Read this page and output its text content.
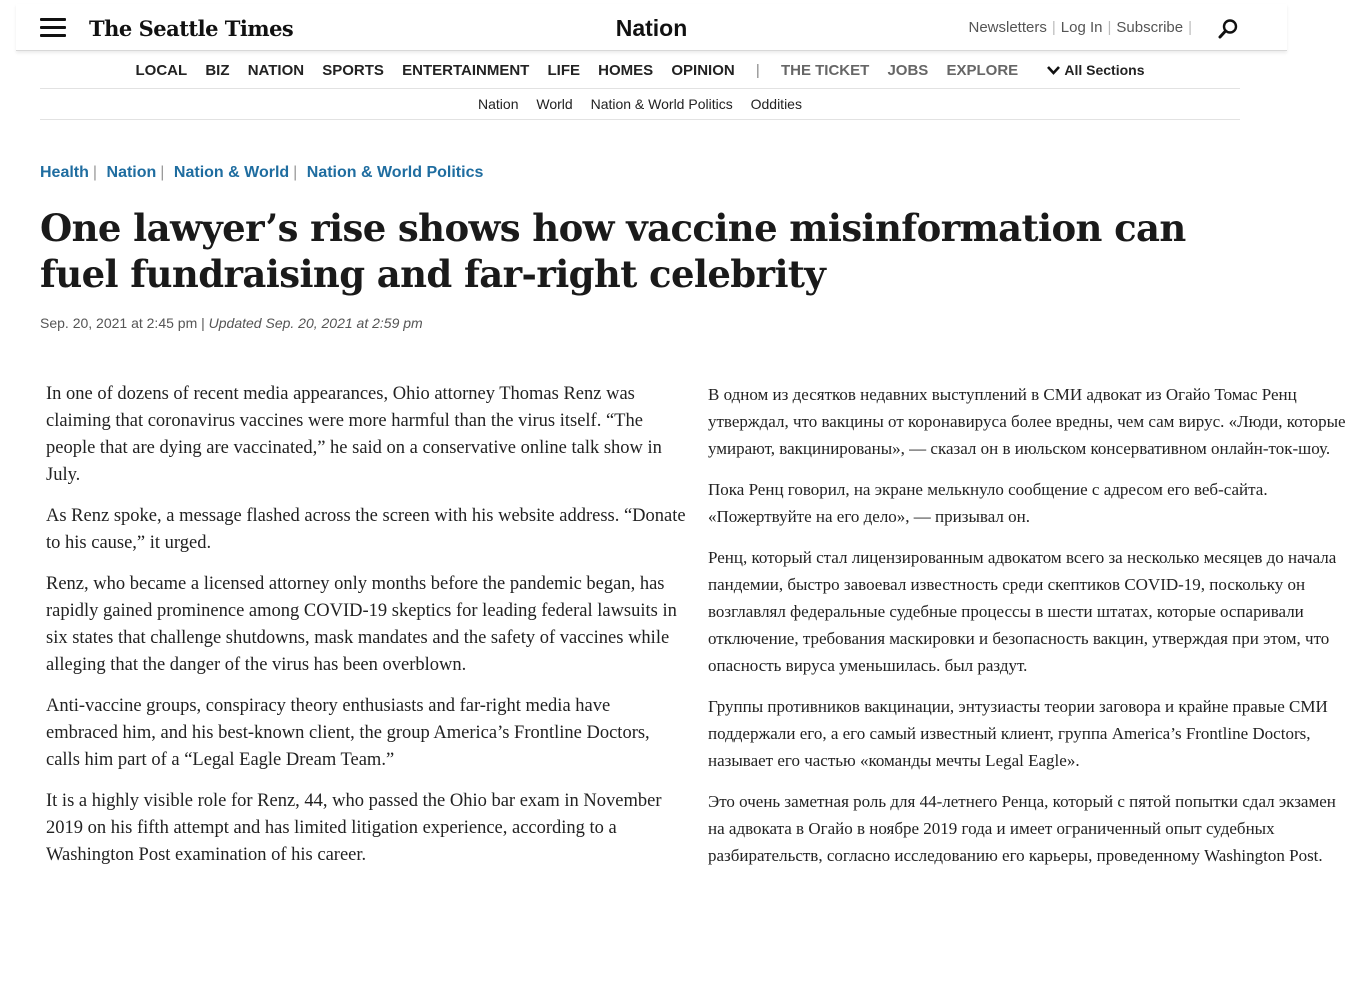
The Seattle Times	Nation	Newsletters | Log In | Subscribe |
LOCAL BIZ NATION SPORTS ENTERTAINMENT LIFE HOMES OPINION | THE TICKET JOBS EXPLORE	All Sections
Nation World Nation & World Politics Oddities
Health | Nation | Nation & World | Nation & World Politics
One lawyer’s rise shows how vaccine misinformation can fuel fundraising and far-right celebrity
Sep. 20, 2021 at 2:45 pm | Updated Sep. 20, 2021 at 2:59 pm

In one of dozens of recent media appearances, Ohio attorney Thomas Renz was claiming that coronavirus vaccines were more harmful than the virus itself. “The people that are dying are vaccinated,” he said on a conservative online talk show in July.

As Renz spoke, a message flashed across the screen with his website address. “Donate to his cause,” it urged.

Renz, who became a licensed attorney only months before the pandemic began, has rapidly gained prominence among COVID-19 skeptics for leading federal lawsuits in six states that challenge shutdowns, mask mandates and the safety of vaccines while alleging that the danger of the virus has been overblown.

Anti-vaccine groups, conspiracy theory enthusiasts and far-right media have embraced him, and his best-known client, the group America’s Frontline Doctors, calls him part of a “Legal Eagle Dream Team.”

It is a highly visible role for Renz, 44, who passed the Ohio bar exam in November 2019 on his fifth attempt and has limited litigation experience, according to a Washington Post examination of his career.

В одном из десятков недавних выступлений в СМИ адвокат из Огайо Томас Ренц утверждал, что вакцины от коронавируса более вредны, чем сам вирус. «Люди, которые умирают, вакцинированы», — сказал он в июльском консервативном онлайн-ток-шоу.

Пока Ренц говорил, на экране мелькнуло сообщение с адресом его веб-сайта. «Пожертвуйте на его дело», — призывал он.

Ренц, который стал лицензированным адвокатом всего за несколько месяцев до начала пандемии, быстро завоевал известность среди скептиков COVID-19, поскольку он возглавлял федеральные судебные процессы в шести штатах, которые оспаривали отключение, требования маскировки и безопасность вакцин, утверждая при этом, что опасность вируса уменьшилась. был раздут.

Группы противников вакцинации, энтузиасты теории заговора и крайне правые СМИ поддержали его, а его самый известный клиент, группа America’s Frontline Doctors, называет его частью «команды мечты Legal Eagle».

Это очень заметная роль для 44-летнего Ренца, который с пятой попытки сдал экзамен на адвоката в Огайо в ноябре 2019 года и имеет ограниченный опыт судебных разбирательств, согласно исследованию его карьеры, проведенному Washington Post.
